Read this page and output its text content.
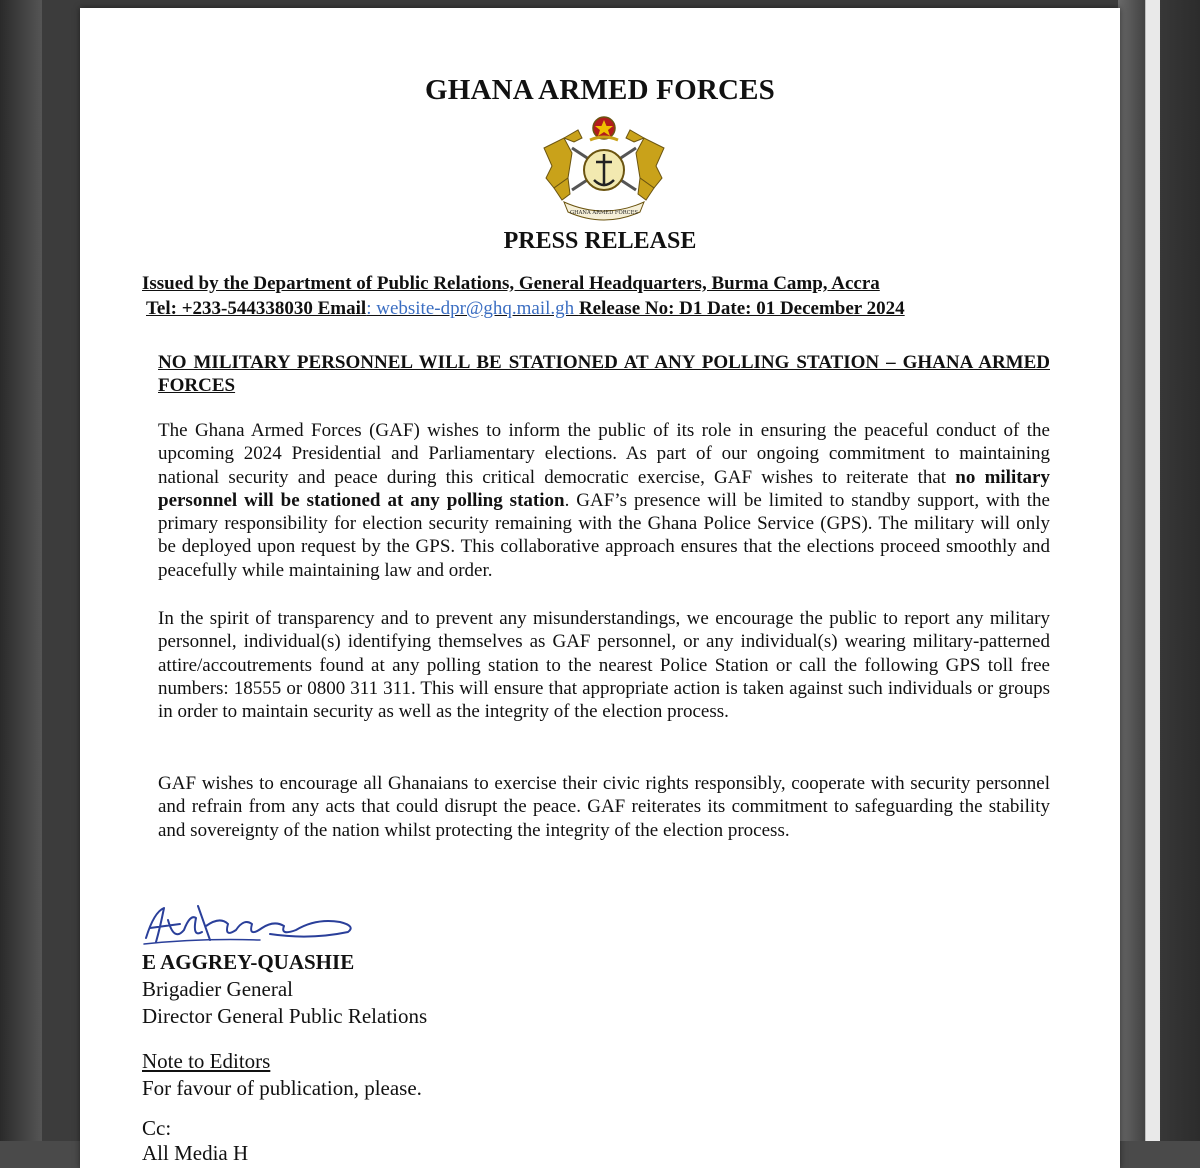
GHANA ARMED FORCES
GHANA ARMED FORCES
PRESS RELEASE
Issued by the Department of Public Relations, General Headquarters, Burma Camp, Accra
Tel: +233-544338030 Email: website-dpr@ghq.mail.gh Release No: D1 Date: 01 December 2024
NO MILITARY PERSONNEL WILL BE STATIONED AT ANY POLLING STATION – GHANA ARMED FORCES
The Ghana Armed Forces (GAF) wishes to inform the public of its role in ensuring the peaceful conduct of the upcoming 2024 Presidential and Parliamentary elections. As part of our ongoing commitment to maintaining national security and peace during this critical democratic exercise, GAF wishes to reiterate that no military personnel will be stationed at any polling station. GAF’s presence will be limited to standby support, with the primary responsibility for election security remaining with the Ghana Police Service (GPS). The military will only be deployed upon request by the GPS. This collaborative approach ensures that the elections proceed smoothly and peacefully while maintaining law and order.
In the spirit of transparency and to prevent any misunderstandings, we encourage the public to report any military personnel, individual(s) identifying themselves as GAF personnel, or any individual(s) wearing military-patterned attire/accoutrements found at any polling station to the nearest Police Station or call the following GPS toll free numbers: 18555 or 0800 311 311. This will ensure that appropriate action is taken against such individuals or groups in order to maintain security as well as the integrity of the election process.
GAF wishes to encourage all Ghanaians to exercise their civic rights responsibly, cooperate with security personnel and refrain from any acts that could disrupt the peace. GAF reiterates its commitment to safeguarding the stability and sovereignty of the nation whilst protecting the integrity of the election process.
E AGGREY-QUASHIE
Brigadier General
Director General Public Relations
Note to Editors
For favour of publication, please.
Cc:
All Media H
